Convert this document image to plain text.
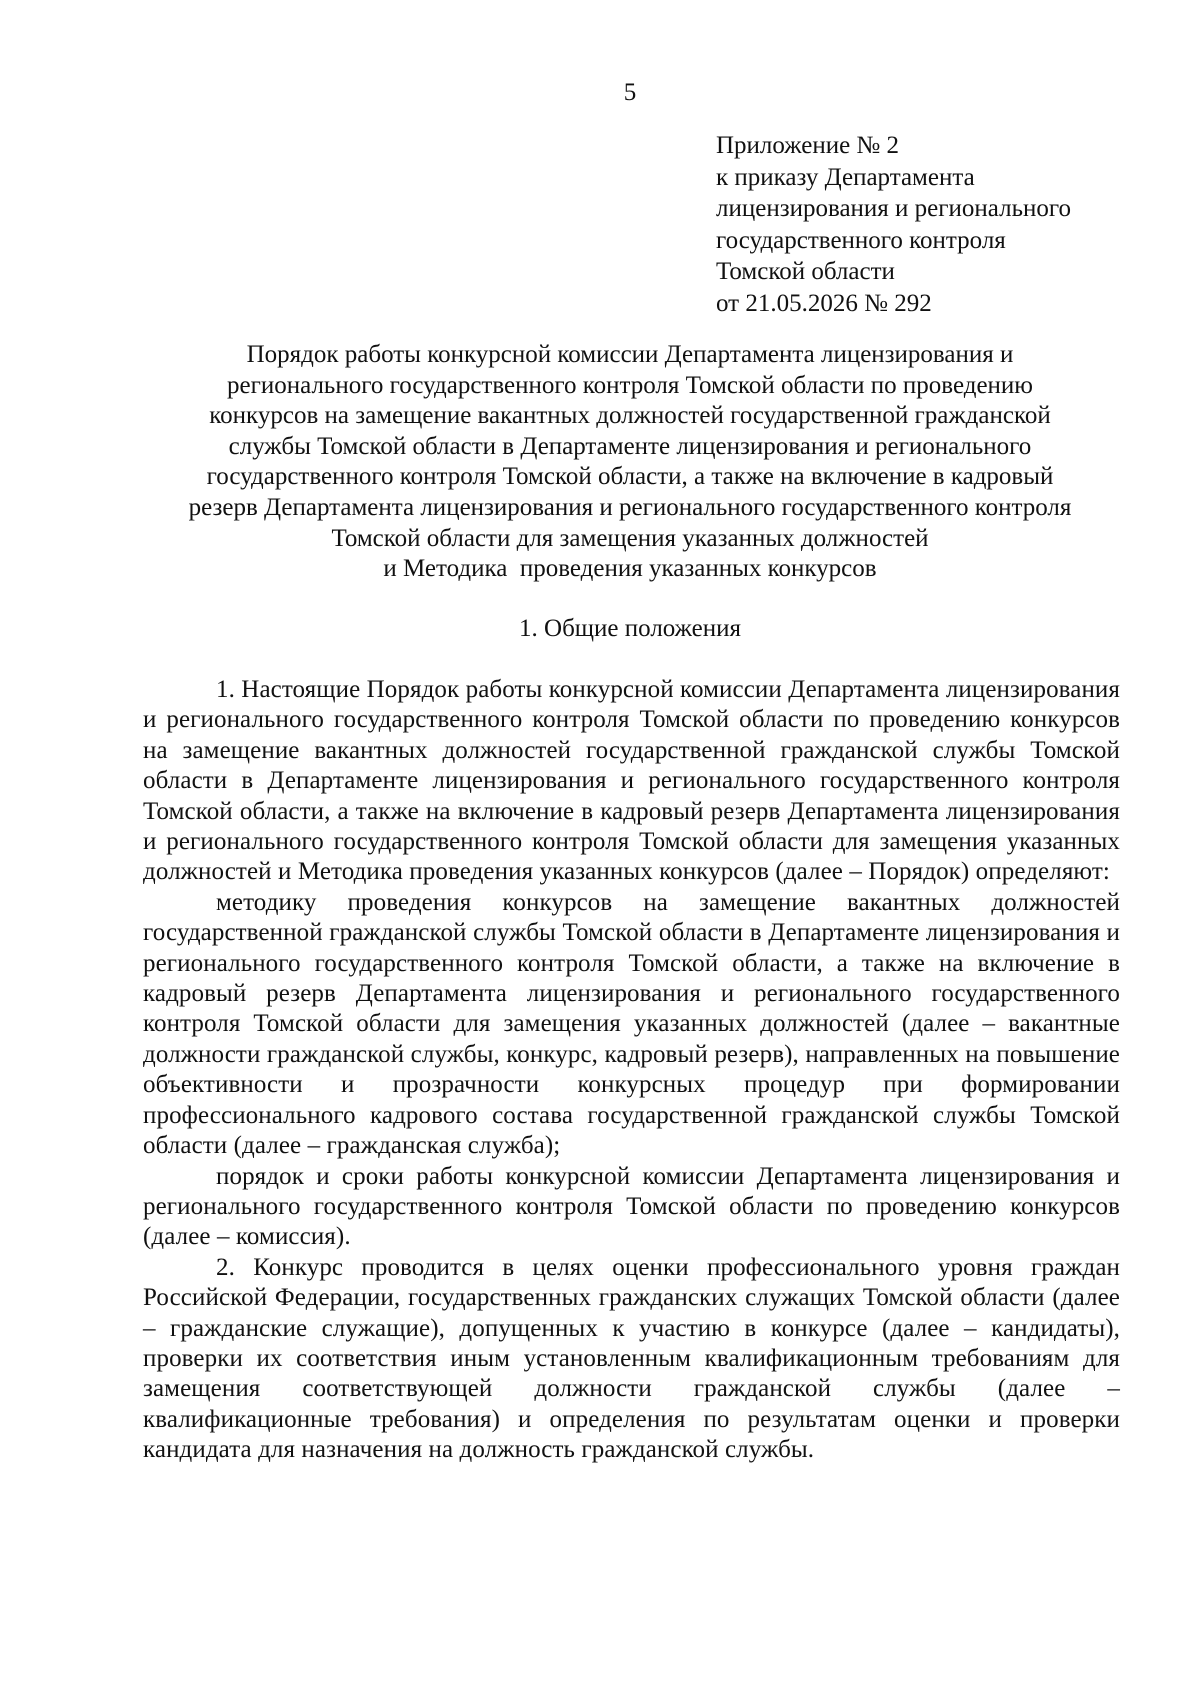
5
Приложение № 2
к приказу Департамента
лицензирования и регионального
государственного контроля
Томской области
от 21.05.2026 № 292
Порядок работы конкурсной комиссии Департамента лицензирования и
регионального государственного контроля Томской области по проведению
конкурсов на замещение вакантных должностей государственной гражданской
службы Томской области в Департаменте лицензирования и регионального
государственного контроля Томской области, а также на включение в кадровый
резерв Департамента лицензирования и регионального государственного контроля
Томской области для замещения указанных должностей
и Методика  проведения указанных конкурсов
1. Общие положения

1. Настоящие Порядок работы конкурсной комиссии Департамента лицензирования и регионального государственного контроля Томской области по проведению конкурсов на замещение вакантных должностей государственной гражданской службы Томской области в Департаменте лицензирования и регионального государственного контроля Томской области, а также на включение в кадровый резерв Департамента лицензирования и регионального государственного контроля Томской области для замещения указанных должностей и Методика проведения указанных конкурсов (далее – Порядок) определяют:

методику проведения конкурсов на замещение вакантных должностей государственной гражданской службы Томской области в Департаменте лицензирования и регионального государственного контроля Томской области, а также на включение в кадровый резерв Департамента лицензирования и регионального государственного контроля Томской области для замещения указанных должностей (далее – вакантные должности гражданской службы, конкурс, кадровый резерв), направленных на повышение объективности и прозрачности конкурсных процедур при формировании профессионального кадрового состава государственной гражданской службы Томской области (далее – гражданская служба);

порядок и сроки работы конкурсной комиссии Департамента лицензирования и регионального государственного контроля Томской области по проведению конкурсов (далее – комиссия).

2. Конкурс проводится в целях оценки профессионального уровня граждан Российской Федерации, государственных гражданских служащих Томской области (далее – гражданские служащие), допущенных к участию в конкурсе (далее – кандидаты), проверки их соответствия иным установленным квалификационным требованиям для замещения соответствующей должности гражданской службы (далее – квалификационные требования) и определения по результатам оценки и проверки кандидата для назначения на должность гражданской службы.
